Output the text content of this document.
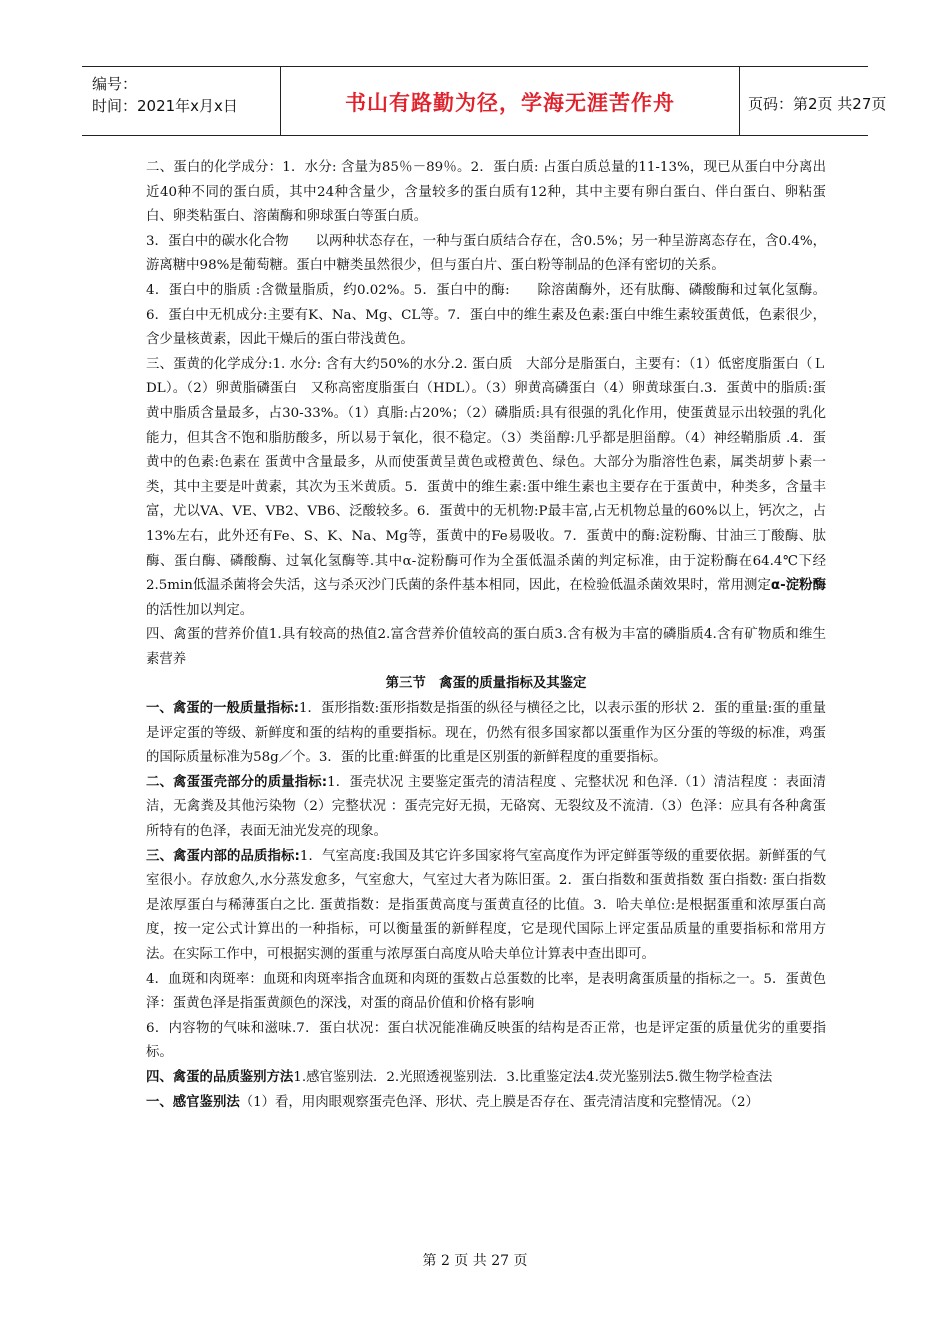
编号：
时间：2021年x月x日	书山有路勤为径，学海无涯苦作舟	页码：第2页 共27页

二、蛋白的化学成分：1．水分: 含量为85％－89％。2．蛋白质: 占蛋白质总量的11-13%，现已从蛋白中分离出近40种不同的蛋白质，其中24种含量少，含量较多的蛋白质有12种，其中主要有卵白蛋白、伴白蛋白、卵粘蛋白、卵类粘蛋白、溶菌酶和卵球蛋白等蛋白质。

3．蛋白中的碳水化合物　　以两种状态存在，一种与蛋白质结合存在，含0.5%；另一种呈游离态存在，含0.4%，游离糖中98%是葡萄糖。蛋白中糖类虽然很少，但与蛋白片、蛋白粉等制品的色泽有密切的关系。

4．蛋白中的脂质 :含微量脂质，约0.02%。5．蛋白中的酶:　　除溶菌酶外，还有肽酶、磷酸酶和过氧化氢酶。6．蛋白中无机成分:主要有K、Na、Mg、CL等。7．蛋白中的维生素及色素:蛋白中维生素较蛋黄低，色素很少，含少量核黄素，因此干燥后的蛋白带浅黄色。

三、蛋黄的化学成分:1. 水分: 含有大约50%的水分.2. 蛋白质　大部分是脂蛋白，主要有：（1）低密度脂蛋白（ＬDL）。（2）卵黄脂磷蛋白　又称高密度脂蛋白（HDL）。（3）卵黄高磷蛋白（4）卵黄球蛋白.3．蛋黄中的脂质:蛋黄中脂质含量最多，占30-33%。（1）真脂:占20%；（2）磷脂质:具有很强的乳化作用，使蛋黄显示出较强的乳化能力，但其含不饱和脂肪酸多，所以易于氧化，很不稳定。（3）类甾醇:几乎都是胆甾醇。（4）神经鞘脂质 .4．蛋黄中的色素:色素在 蛋黄中含量最多，从而使蛋黄呈黄色或橙黄色、绿色。大部分为脂溶性色素，属类胡萝卜素一类，其中主要是叶黄素，其次为玉米黄质。5．蛋黄中的维生素:蛋中维生素也主要存在于蛋黄中，种类多，含量丰富，尤以VA、VE、VB2、VB6、泛酸较多。6．蛋黄中的无机物:P最丰富,占无机物总量的60%以上，钙次之，占13%左右，此外还有Fe、S、K、Na、Mg等，蛋黄中的Fe易吸收。7．蛋黄中的酶:淀粉酶、甘油三丁酸酶、肽酶、蛋白酶、磷酸酶、过氧化氢酶等.其中α-淀粉酶可作为全蛋低温杀菌的判定标准，由于淀粉酶在64.4℃下经2.5min低温杀菌将会失活，这与杀灭沙门氏菌的条件基本相同，因此，在检验低温杀菌效果时，常用测定α-淀粉酶的活性加以判定。

四、禽蛋的营养价值1.具有较高的热值2.富含营养价值较高的蛋白质3.含有极为丰富的磷脂质4.含有矿物质和维生素营养

第三节　禽蛋的质量指标及其鉴定

一、禽蛋的一般质量指标:1．蛋形指数:蛋形指数是指蛋的纵径与横径之比，以表示蛋的形状 2．蛋的重量:蛋的重量是评定蛋的等级、新鲜度和蛋的结构的重要指标。现在，仍然有很多国家都以蛋重作为区分蛋的等级的标准，鸡蛋的国际质量标准为58g／个。3．蛋的比重:鲜蛋的比重是区别蛋的新鲜程度的重要指标。

二、禽蛋蛋壳部分的质量指标:1．蛋壳状况 主要鉴定蛋壳的清洁程度 、完整状况 和色泽.（1）清洁程度 ：表面清洁，无禽粪及其他污染物（2）完整状况 ：蛋壳完好无损，无硌窝、无裂纹及不流清.（3）色泽：应具有各种禽蛋所特有的色泽，表面无油光发亮的现象。

三、禽蛋内部的品质指标:1．气室高度:我国及其它许多国家将气室高度作为评定鲜蛋等级的重要依据。新鲜蛋的气室很小。存放愈久,水分蒸发愈多，气室愈大，气室过大者为陈旧蛋。2．蛋白指数和蛋黄指数 蛋白指数: 蛋白指数是浓厚蛋白与稀薄蛋白之比. 蛋黄指数：是指蛋黄高度与蛋黄直径的比值。3．哈夫单位:是根据蛋重和浓厚蛋白高度，按一定公式计算出的一种指标，可以衡量蛋的新鲜程度，它是现代国际上评定蛋品质量的重要指标和常用方法。在实际工作中，可根据实测的蛋重与浓厚蛋白高度从哈夫单位计算表中查出即可。

4．血斑和肉斑率：血斑和肉斑率指含血斑和肉斑的蛋数占总蛋数的比率，是表明禽蛋质量的指标之一。5．蛋黄色泽：蛋黄色泽是指蛋黄颜色的深浅，对蛋的商品价值和价格有影响

6．内容物的气味和滋味.7．蛋白状况：蛋白状况能准确反映蛋的结构是否正常，也是评定蛋的质量优劣的重要指标。

四、禽蛋的品质鉴别方法1.感官鉴别法．2.光照透视鉴别法．3.比重鉴定法4.荧光鉴别法5.微生物学检查法

一、感官鉴别法（1）看，用肉眼观察蛋壳色泽、形状、壳上膜是否存在、蛋壳清洁度和完整情况。（2）

第 2 页 共 27 页
